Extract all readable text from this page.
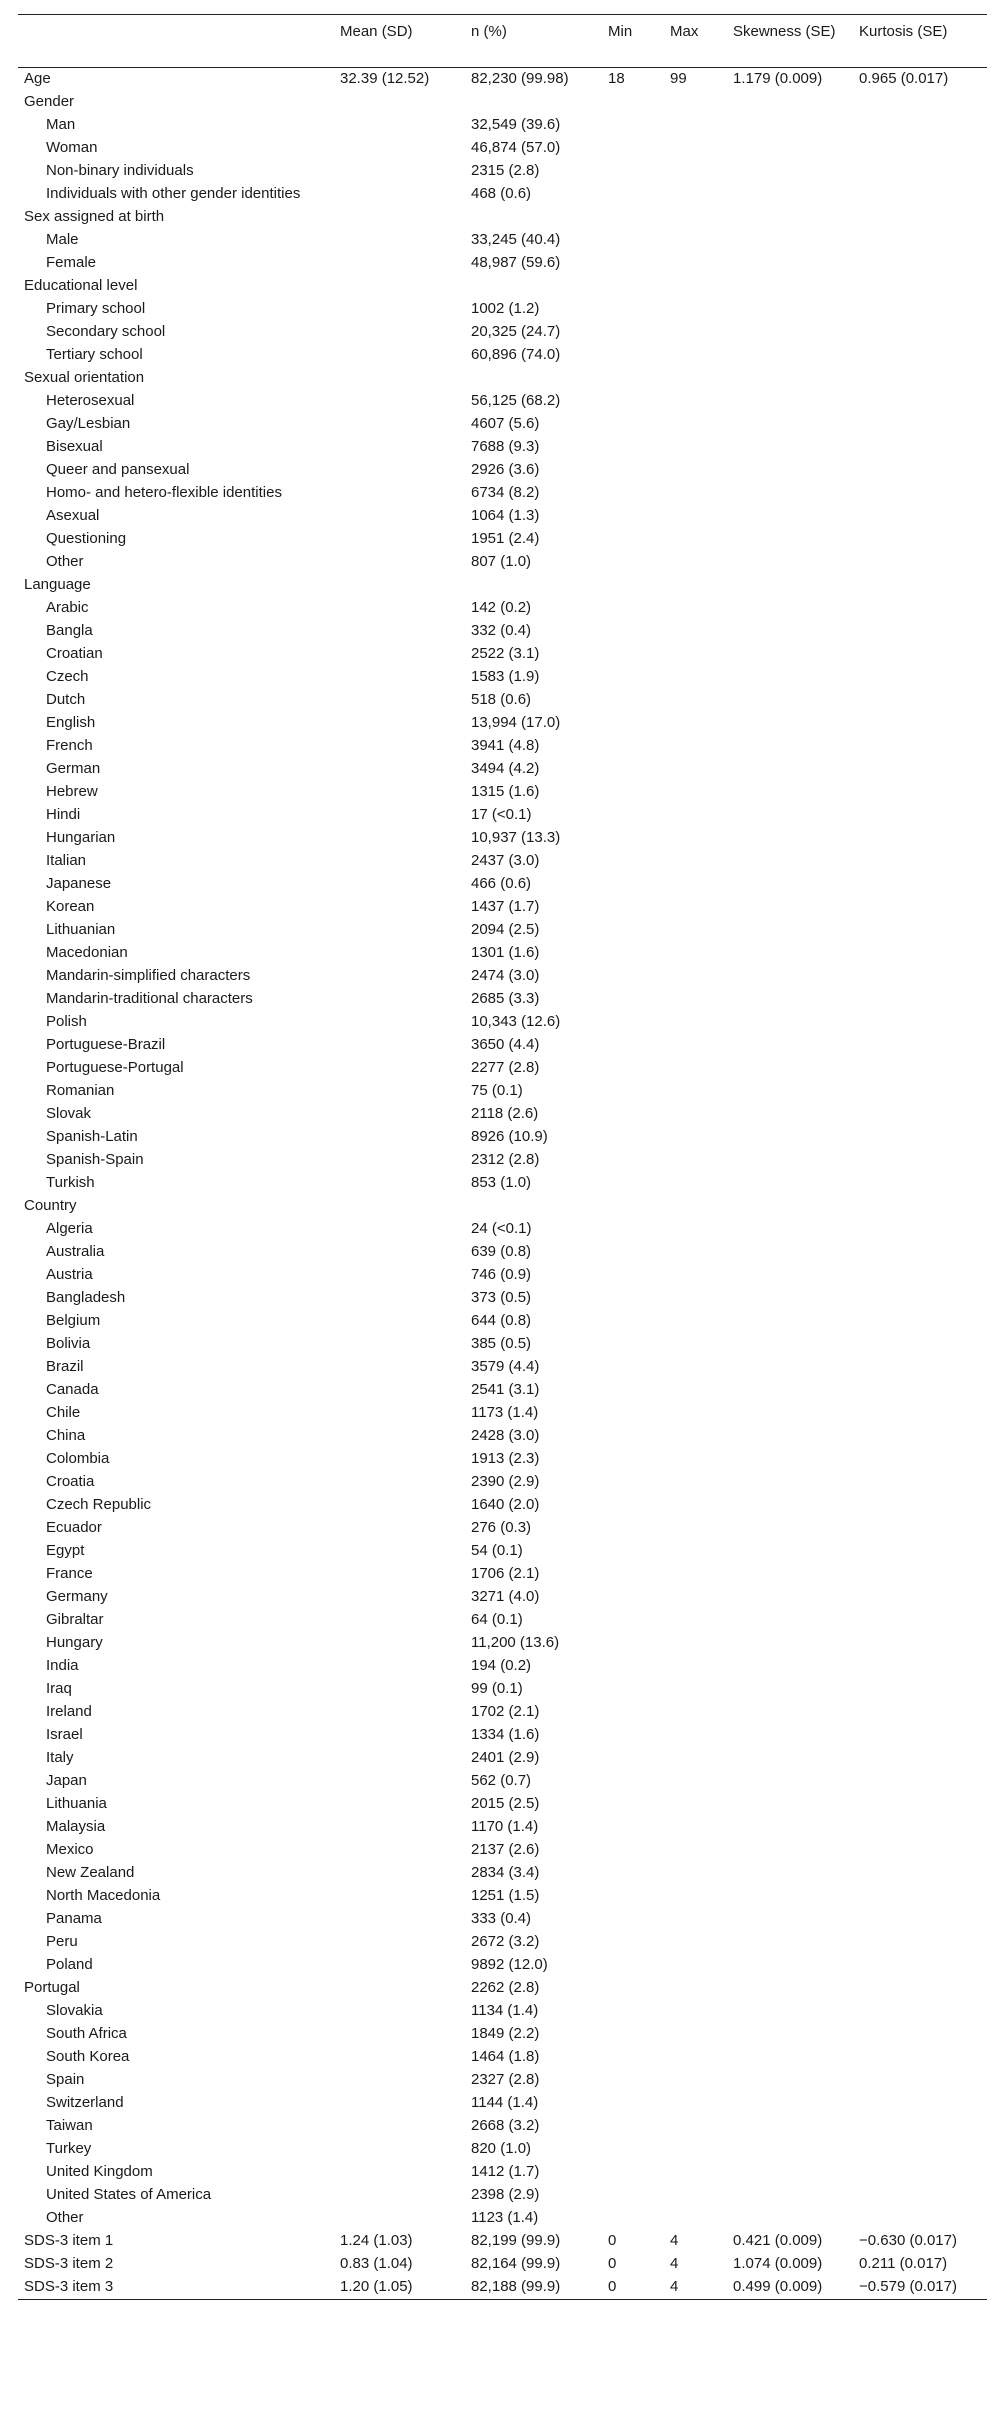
	Mean (SD)	n (%)	Min	Max	Skewness (SE)	Kurtosis (SE)
Age	32.39 (12.52)	82,230 (99.98)	18	99	1.179 (0.009)	0.965 (0.017)
Gender						
Man		32,549 (39.6)				
Woman		46,874 (57.0)				
Non-binary individuals		2315 (2.8)				
Individuals with other gender identities		468 (0.6)				
Sex assigned at birth						
Male		33,245 (40.4)				
Female		48,987 (59.6)				
Educational level						
Primary school		1002 (1.2)				
Secondary school		20,325 (24.7)				
Tertiary school		60,896 (74.0)				
Sexual orientation						
Heterosexual		56,125 (68.2)				
Gay/Lesbian		4607 (5.6)				
Bisexual		7688 (9.3)				
Queer and pansexual		2926 (3.6)				
Homo- and hetero-flexible identities		6734 (8.2)				
Asexual		1064 (1.3)				
Questioning		1951 (2.4)				
Other		807 (1.0)				
Language						
Arabic		142 (0.2)				
Bangla		332 (0.4)				
Croatian		2522 (3.1)				
Czech		1583 (1.9)				
Dutch		518 (0.6)				
English		13,994 (17.0)				
French		3941 (4.8)				
German		3494 (4.2)				
Hebrew		1315 (1.6)				
Hindi		17 (<0.1)				
Hungarian		10,937 (13.3)				
Italian		2437 (3.0)				
Japanese		466 (0.6)				
Korean		1437 (1.7)				
Lithuanian		2094 (2.5)				
Macedonian		1301 (1.6)				
Mandarin-simplified characters		2474 (3.0)				
Mandarin-traditional characters		2685 (3.3)				
Polish		10,343 (12.6)				
Portuguese-Brazil		3650 (4.4)				
Portuguese-Portugal		2277 (2.8)				
Romanian		75 (0.1)				
Slovak		2118 (2.6)				
Spanish-Latin		8926 (10.9)				
Spanish-Spain		2312 (2.8)				
Turkish		853 (1.0)				
Country						
Algeria		24 (<0.1)				
Australia		639 (0.8)				
Austria		746 (0.9)				
Bangladesh		373 (0.5)				
Belgium		644 (0.8)				
Bolivia		385 (0.5)				
Brazil		3579 (4.4)				
Canada		2541 (3.1)				
Chile		1173 (1.4)				
China		2428 (3.0)				
Colombia		1913 (2.3)				
Croatia		2390 (2.9)				
Czech Republic		1640 (2.0)				
Ecuador		276 (0.3)				
Egypt		54 (0.1)				
France		1706 (2.1)				
Germany		3271 (4.0)				
Gibraltar		64 (0.1)				
Hungary		11,200 (13.6)				
India		194 (0.2)				
Iraq		99 (0.1)				
Ireland		1702 (2.1)				
Israel		1334 (1.6)				
Italy		2401 (2.9)				
Japan		562 (0.7)				
Lithuania		2015 (2.5)				
Malaysia		1170 (1.4)				
Mexico		2137 (2.6)				
New Zealand		2834 (3.4)				
North Macedonia		1251 (1.5)				
Panama		333 (0.4)				
Peru		2672 (3.2)				
Poland		9892 (12.0)				
Portugal		2262 (2.8)				
Slovakia		1134 (1.4)				
South Africa		1849 (2.2)				
South Korea		1464 (1.8)				
Spain		2327 (2.8)				
Switzerland		1144 (1.4)				
Taiwan		2668 (3.2)				
Turkey		820 (1.0)				
United Kingdom		1412 (1.7)				
United States of America		2398 (2.9)				
Other		1123 (1.4)				
SDS-3 item 1	1.24 (1.03)	82,199 (99.9)	0	4	0.421 (0.009)	−0.630 (0.017)
SDS-3 item 2	0.83 (1.04)	82,164 (99.9)	0	4	1.074 (0.009)	0.211 (0.017)
SDS-3 item 3	1.20 (1.05)	82,188 (99.9)	0	4	0.499 (0.009)	−0.579 (0.017)
